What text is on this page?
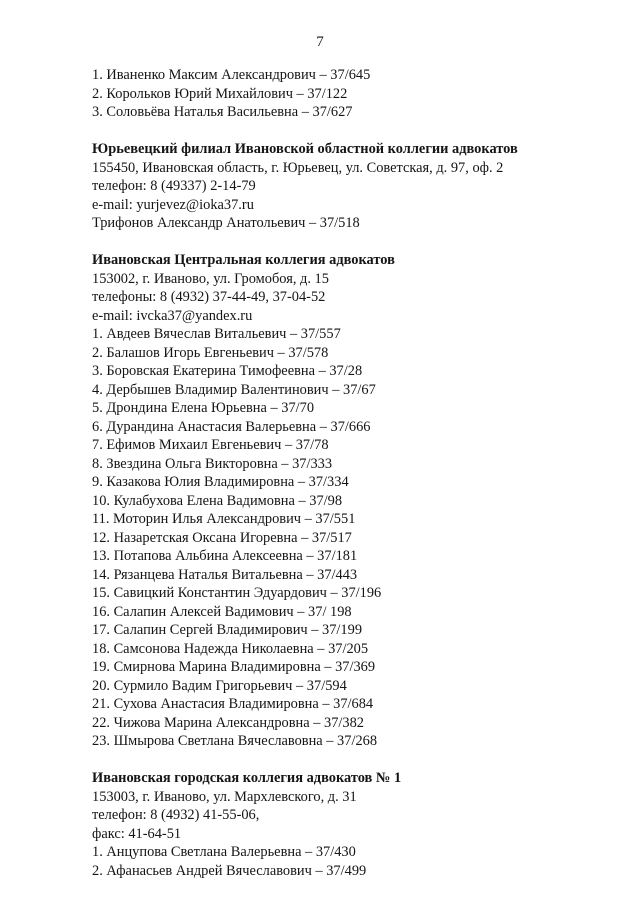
7
1. Иваненко Максим Александрович – 37/645
2. Корольков Юрий Михайлович – 37/122
3. Соловьёва Наталья Васильевна – 37/627
Юрьевецкий филиал Ивановской областной коллегии адвокатов
155450, Ивановская область, г. Юрьевец, ул. Советская, д. 97, оф. 2
телефон: 8 (49337) 2-14-79
e-mail: yurjevez@ioka37.ru
Трифонов Александр Анатольевич – 37/518
Ивановская Центральная коллегия адвокатов
153002, г. Иваново, ул. Громобоя, д. 15
телефоны: 8 (4932) 37-44-49, 37-04-52
e-mail: ivcka37@yandex.ru
1. Авдеев Вячеслав Витальевич – 37/557
2. Балашов Игорь Евгеньевич – 37/578
3. Боровская Екатерина Тимофеевна – 37/28
4. Дербышев Владимир Валентинович – 37/67
5. Дрондина Елена Юрьевна – 37/70
6. Дурандина Анастасия Валерьевна – 37/666
7. Ефимов Михаил Евгеньевич – 37/78
8. Звездина Ольга Викторовна – 37/333
9. Казакова Юлия Владимировна – 37/334
10. Кулабухова Елена Вадимовна – 37/98
11. Моторин Илья Александрович – 37/551
12. Назаретская Оксана Игоревна – 37/517
13. Потапова Альбина Алексеевна – 37/181
14. Рязанцева Наталья Витальевна – 37/443
15. Савицкий Константин Эдуардович – 37/196
16. Салапин Алексей Вадимович – 37/ 198
17. Салапин Сергей Владимирович – 37/199
18. Самсонова Надежда Николаевна – 37/205
19. Смирнова Марина Владимировна – 37/369
20. Сурмило Вадим Григорьевич – 37/594
21. Сухова Анастасия Владимировна – 37/684
22. Чижова Марина Александровна – 37/382
23. Шмырова Светлана Вячеславовна – 37/268
Ивановская городская коллегия адвокатов № 1
153003, г. Иваново, ул. Мархлевского, д. 31
телефон: 8 (4932) 41-55-06,
факс: 41-64-51
1. Анцупова Светлана Валерьевна – 37/430
2. Афанасьев Андрей Вячеславович – 37/499
